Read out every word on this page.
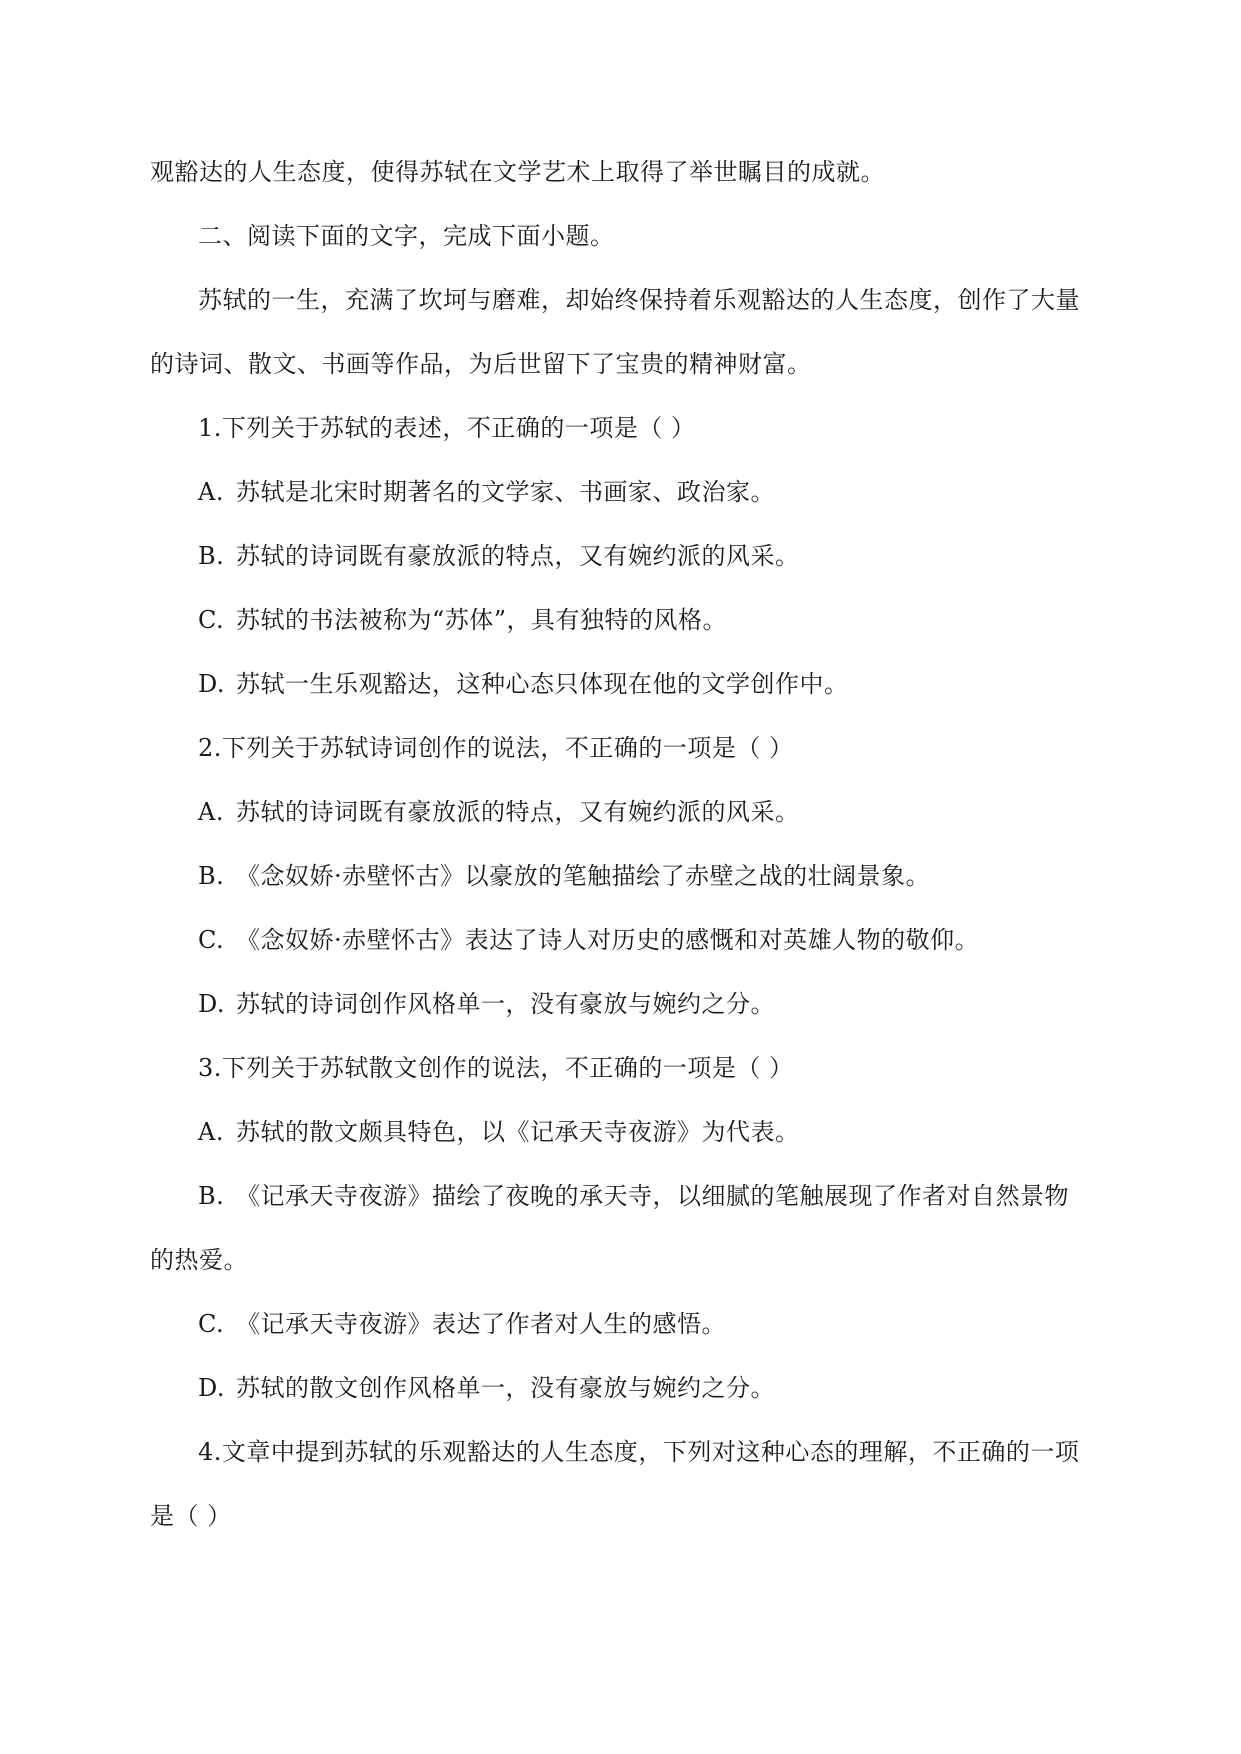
观豁达的人生态度，使得苏轼在文学艺术上取得了举世瞩目的成就。
二、阅读下面的文字，完成下面小题。
苏轼的一生，充满了坎坷与磨难，却始终保持着乐观豁达的人生态度，创作了大量
的诗词、散文、书画等作品，为后世留下了宝贵的精神财富。
1.下列关于苏轼的表述，不正确的一项是（ ）
A. 苏轼是北宋时期著名的文学家、书画家、政治家。
B. 苏轼的诗词既有豪放派的特点，又有婉约派的风采。
C. 苏轼的书法被称为“苏体”，具有独特的风格。
D. 苏轼一生乐观豁达，这种心态只体现在他的文学创作中。
2.下列关于苏轼诗词创作的说法，不正确的一项是（ ）
A. 苏轼的诗词既有豪放派的特点，又有婉约派的风采。
B. 《念奴娇·赤壁怀古》以豪放的笔触描绘了赤壁之战的壮阔景象。
C. 《念奴娇·赤壁怀古》表达了诗人对历史的感慨和对英雄人物的敬仰。
D. 苏轼的诗词创作风格单一，没有豪放与婉约之分。
3.下列关于苏轼散文创作的说法，不正确的一项是（ ）
A. 苏轼的散文颇具特色，以《记承天寺夜游》为代表。
B. 《记承天寺夜游》描绘了夜晚的承天寺，以细腻的笔触展现了作者对自然景物
的热爱。
C. 《记承天寺夜游》表达了作者对人生的感悟。
D. 苏轼的散文创作风格单一，没有豪放与婉约之分。
4.文章中提到苏轼的乐观豁达的人生态度，下列对这种心态的理解，不正确的一项
是（ ）
